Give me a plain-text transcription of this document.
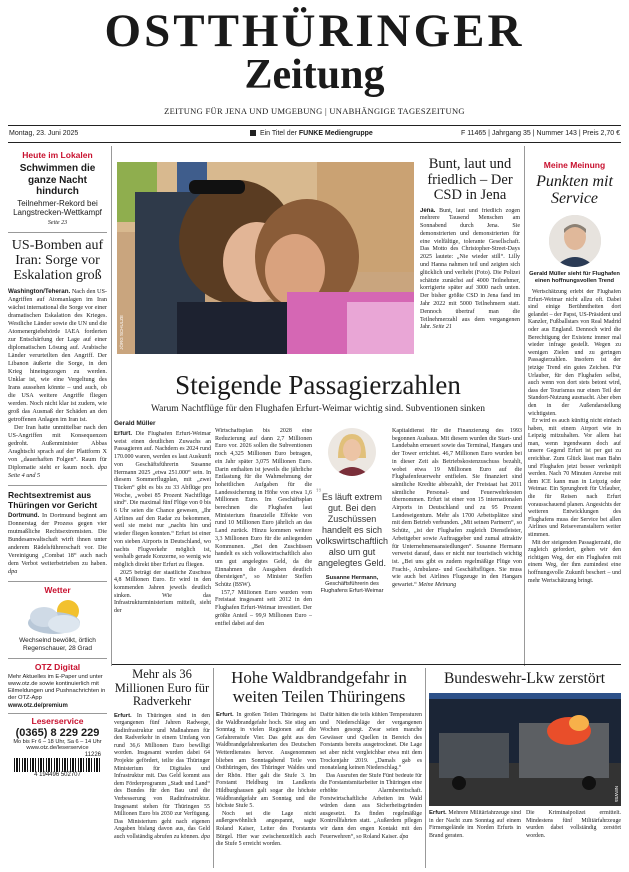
OSTTHÜRINGER
Zeitung
ZEITUNG FÜR JENA UND UMGEBUNG | UNABHÄNGIGE TAGESZEITUNG
Montag, 23. Juni 2025	Ein Titel der FUNKE Mediengruppe	F 11465 | Jahrgang 35 | Nummer 143 | Preis 2,70 €
Heute im Lokalen
Schwimmen die ganze Nacht hindurch
Teilnehmer-Rekord bei Langstrecken-Wettkampf
Seite 23
US-Bomben auf Iran: Sorge vor Eskalation groß
Washington/Teheran. Nach den US-Angriffen auf Atomanlagen im Iran wächst international die Sorge vor einer dramatischen Eskalation des Krieges. Westliche Länder sowie die UN und die Atomenergiebehörde IAEA forderten zur Entschärfung der Lage auf einer diplomatischen Lösung auf. Arabische Länder verurteilten den Angriff. Der Libanon äußerte die Sorge, in den Krieg hineingezogen zu werden. Unklar ist, wie eine Vergeltung des Irans aussehen könnte – und auch, ob die USA weitere Angriffe fliegen werden. Noch nicht klar ist zudem, wie groß das Ausmaß der Schäden an den getroffenen Anlagen im Iran ist.
Der Iran hatte unmittelbar nach den US-Angriffen mit Konsequenzen gedroht. Außenminister Abbas Araghtschi sprach auf der Plattform X von „dauerhaften Folgen“. Raum für Diplomatie sieht er kaum noch. dpa Seite 4 und 5
Rechtsextremist aus Thüringen vor Gericht
Dortmund. In Dortmund beginnt am Donnerstag der Prozess gegen vier mutmaßliche Rechtsextremisten. Die Bundesanwaltschaft wirft ihnen unter anderem Rädelsführerschaft vor. Die Vereinigung „Combat 18“ auch nach dem Verbot weiterbetrieben zu haben. dpa
Wetter
Wechselnd bewölkt, örtlich Regenschauer, 28 Grad
OTZ Digital
Mehr Aktuelles im E-Paper und unter www.otz.de sowie kontinuierlich mit Eilmeldungen und Pushnachrichten in der OTZ-App
www.otz.de/premium
Leserservice
(0365) 8 229 229
Mo bis Fr 6 – 18 Uhr, Sa 6 – 14 Uhr
www.otz.de/leserservice
11226
4 194496 502707
JÖRG SCHULZE
Bunt, laut und friedlich – Der CSD in Jena
Jena. Bunt, laut und friedlich zogen mehrere Tausend Menschen am Sonnabend durch Jena. Sie demonstrierten und demonstrierten für eine vielfältige, tolerante Gesellschaft. Das Motto des Christopher-Street-Days 2025 lautete: „Nie wieder still“. Lilly und Hanna nahmen teil und zeigten sich glücklich und verliebt (Foto). Die Polizei schätzte zunächst auf 4000 Teilnehmer, korrigierte später auf 3000 nach unten. Der bisher größte CSD in Jena fand im Jahr 2022 mit 5000 Teilnehmern statt. Dennoch übertraf man die Teilnehmerzahl aus dem vergangenen Jahr. Seite 21
Meine Meinung
Punkten mit Service
Gerald Müller sieht für Flughafen einen hoffnungsvollen Trend
Wertschätzung erlebt der Flughafen Erfurt-Weimar nicht allzu oft. Dabei sind einige Berühmtheiten dort gelandet – der Papst, US-Präsident und Kanzler, Fußballstars von Real Madrid oder aus England. Dennoch wird die Berechtigung der Existenz immer mal wieder infrage gestellt. Wegen zu wenigen Zielen und zu geringen Passagierzahlen. Insofern ist der jetzige Trend ein gutes Zeichen. Für Urlauber, für den Flughafen selbst, auch wenn von dort stets betont wird, dass der Tourismus nur einen Teil der Standort-Nutzung ausmacht. Aber eben den in der Außendarstellung wichtigsten.
Er wird es auch künftig nicht einfach haben, mit einem Airport wie in Leipzig mitzuhalten. Vor allem hat man, wenn irgendwann doch auf unsere Gegend Erfurt ist per gut zu ereichbar. Zum Glück lässt man Bahn und Flughafen jetzt besser verknüpft werden. Nach 70 Minuten Anreise mit dem ICE kann man in Leipzig oder Weimar. Ein Sprungbrett für Urlauber, die für Reisen nach Erfurt vorausschauend planen. Angesichts der weiteren Entwicklungen des Flughafens muss der Service bei allen Airlines und Reiseveranstaltern weiter stimmen.
Mit der steigenden Passagierzahl, die zugleich gefordert, gehen wir den richtigen Weg, der ein Flughafen mit einem Weg, der ihm zumindest eine hoffnungsvolle Zukunft beschert – und mehr Wertschätzung bringt.
Steigende Passagierzahlen
Warum Nachtflüge für den Flughafen Erfurt-Weimar wichtig sind. Subventionen sinken
Gerald Müller
Erfurt. Die Flughafen Erfurt-Weimar weist einen deutlichen Zuwachs an Passagieren auf. Nachdem es 2024 rund 170.000 waren, werden es laut Auskunft von Geschäftsführerin Susanne Hermann 2025 „etwa 251.000“ sein. In diesem Sommerflugplan, mit „zwei Tücken“ gibt es bis zu 33 Abflüge pro Woche, „wobei 85 Prozent Nachtflüge sind“. Die maximal fünf Flüge von 0 bis 6 Uhr seien die Chance gewesen, „Ihr Airlines auf den Radar zu bekommen, weil sie meist nur „nachts hin und wieder fliegen konnten.“ Erfurt ist einer von sieben Airports in Deutschland, wo nachts Flugverkehr möglich ist, weshalb gerade Konzerne, so wenig wie möglich direkt über Erfurt zu fliegen.
2025 beträgt der staatliche Zuschuss 4,8 Millionen Euro. Er wird in den kommenden Jahren jeweils deutlich sinken. Wie das Infrastrukturministerium mitteilt, sieht der
Wirtschaftsplan bis 2028 eine Reduzierung auf dann 2,7 Millionen Euro vor. 2026 sollen die Subventionen noch 4,325 Millionen Euro betragen, ein Jahr später 3,075 Millionen Euro. Darin enthalten ist jeweils die jährliche Entlastung für die Wahrnehmung der hoheitlichen Aufgaben für die Landessicherung in Höhe von etwa 1,6 Millionen Euro. Im Geschäftsplan berechnen die Flughafen laut Ministerium finanzielle Effekte von rund 10 Millionen Euro jährlich an das Land zurück. Hinzu kommen weitere 3,3 Millionen Euro für die anliegenden Kommunen. „Bei den Zuschüssen handelt es sich volkswirtschaftlich also um gut angelegtes Geld, da die Einnahmen die Ausgaben deutlich übersteigen“, so Minister Steffen Schütz (BSW).
157,7 Millionen Euro wurden vom Freistaat insgesamt seit 2012 in den Flughafen Erfurt-Weimar investiert. Der größte Anteil – 99,9 Millionen Euro – entfiel dabei auf den
„
Es läuft extrem gut. Bei den Zuschüssen handelt es sich volkswirtschaftlich also um gut angelegtes Geld.
Susanne Hermann,
Geschäftsführerin des Flughafens Erfurt-Weimar
Kapitaldienst für die Finanzierung des 1993 begonnen Ausbaus. Mit diesem wurden die Start- und Landebahn erneuert sowie das Terminal, Hangars und der Tower errichtet. 46,7 Millionen Euro wurden bei in dieser Zeit als Betriebskostenzuschuss bezahlt, wobei etwa 19 Millionen Euro auf die Flughafenfeuerwehr entfielen. Sie finanziert sind sämtliche Kredite abbezahlt, der Freistaat hat 2011 sämtliche Personal- und Feuerwehrkosten übernommen. Erfurt ist einer von 15 internationalen Airports in Deutschland und zu 95 Prozent Landeseigentum. Mehr als 1700 Arbeitsplätze sind mit dem Betrieb verbunden. „Mit seinen Partnern“, so Schütz, „ist der Flughafen zugleich Dienstleister, Arbeitgeber sowie Auftraggeber und zumal attraktiv für Unternehmensansiedlungen“. Susanne Hermann verweist darauf, dass er nicht nur touristisch wichtig ist. „Bei uns gibt es zudem regelmäßige Flüge von Fracht-, Ambulanz- und Geschäftsflügen. Sie muss wie auch bei Airlines Flugzeuge in den Hangars gewartet.“ Meine Meinung
Mehr als 36 Millionen Euro für Radverkehr
Erfurt. In Thüringen sind in den vergangenen fünf Jahren Radwege, Radinfrastruktur und Maßnahmen für den Radverkehr in einem Umfang von rund 36,6 Millionen Euro bewilligt worden. Insgesamt wurden dabei 64 Projekte gefördert, teilte das Thüringer Ministerium für Digitales und Infrastruktur mit. Das Geld kommt aus dem Förderprogramm „Stadt und Land“ des Bundes für den Bau und die Verbesserung von Radinfrastruktur. Insgesamt stehen für Thüringen 55 Millionen Euro bis 2030 zur Verfügung. Das Ministerium geht nach eigenen Angaben bislang davon aus, das Geld auch vollständig abrufen zu können. dpa
Hohe Waldbrandgefahr in weiten Teilen Thüringens
Erfurt. In großen Teilen Thüringens ist die Waldbrandgefahr hoch. Sie stieg am Sonntag in vielen Regionen auf die Gefahrenstufe Vier. Das geht aus den Waldbrandgefahrenkarten des Deutschen Wetterdienstes hervor. Ausgenommen blieben am Sonntagabend Teile von Ostthüringen, des Thüringer Waldes und der Rhön. Hier galt die Stufe 3. Im Forstamt Heldburg im Landkreis Hildburghausen galt sogar die höchste Waldbrandgefahr am Sonntag und die höchste Stufe 5.
Noch sei die Lage nicht außergewöhnlich angespannt, sagte Roland Kaiser, Leiter des Forstamts Bürgel. Hier war zwischenzeitlich auch die Stufe 5 erreicht worden.
Dafür hätten die teils kühlen Temperaturen und Niederschläge der vergangenen Wochen gesorgt. Zwar seien manche Gewässer und Quellen in Bereich des Forstamts bereits ausgetrocknet. Die Lage sei aber nicht vergleichbar etwa mit dem Trockenjahr 2019. „Damals gab es monatelang keinen Niederschlag.“
Das Ausrufen der Stufe Fünf bedeute für die Forstamtsmitarbeiter in Thüringen eine erhöhte Alarmbereitschaft. Forstwirtschaftliche Arbeiten im Wald würden dann aus Sicherheitsgründen ausgesetzt. Es finden regelmäßige Kontrollfahrten statt. „Außerdem pflegen wir dann den engen Kontakt mit den Feuerwehren“, so Roland Kaiser. dpa
Bundeswehr-Lkw zerstört
NEWS5
Erfurt. Mehrere Militärfahrzeuge sind in der Nacht zum Sonntag auf einem Firmengelände im Norden Erfurts in Brand geraten.
Die Kriminalpolizei ermittelt. Mindestens fünf Militärfahrzeuge wurden dabei vollständig zerstört worden.
